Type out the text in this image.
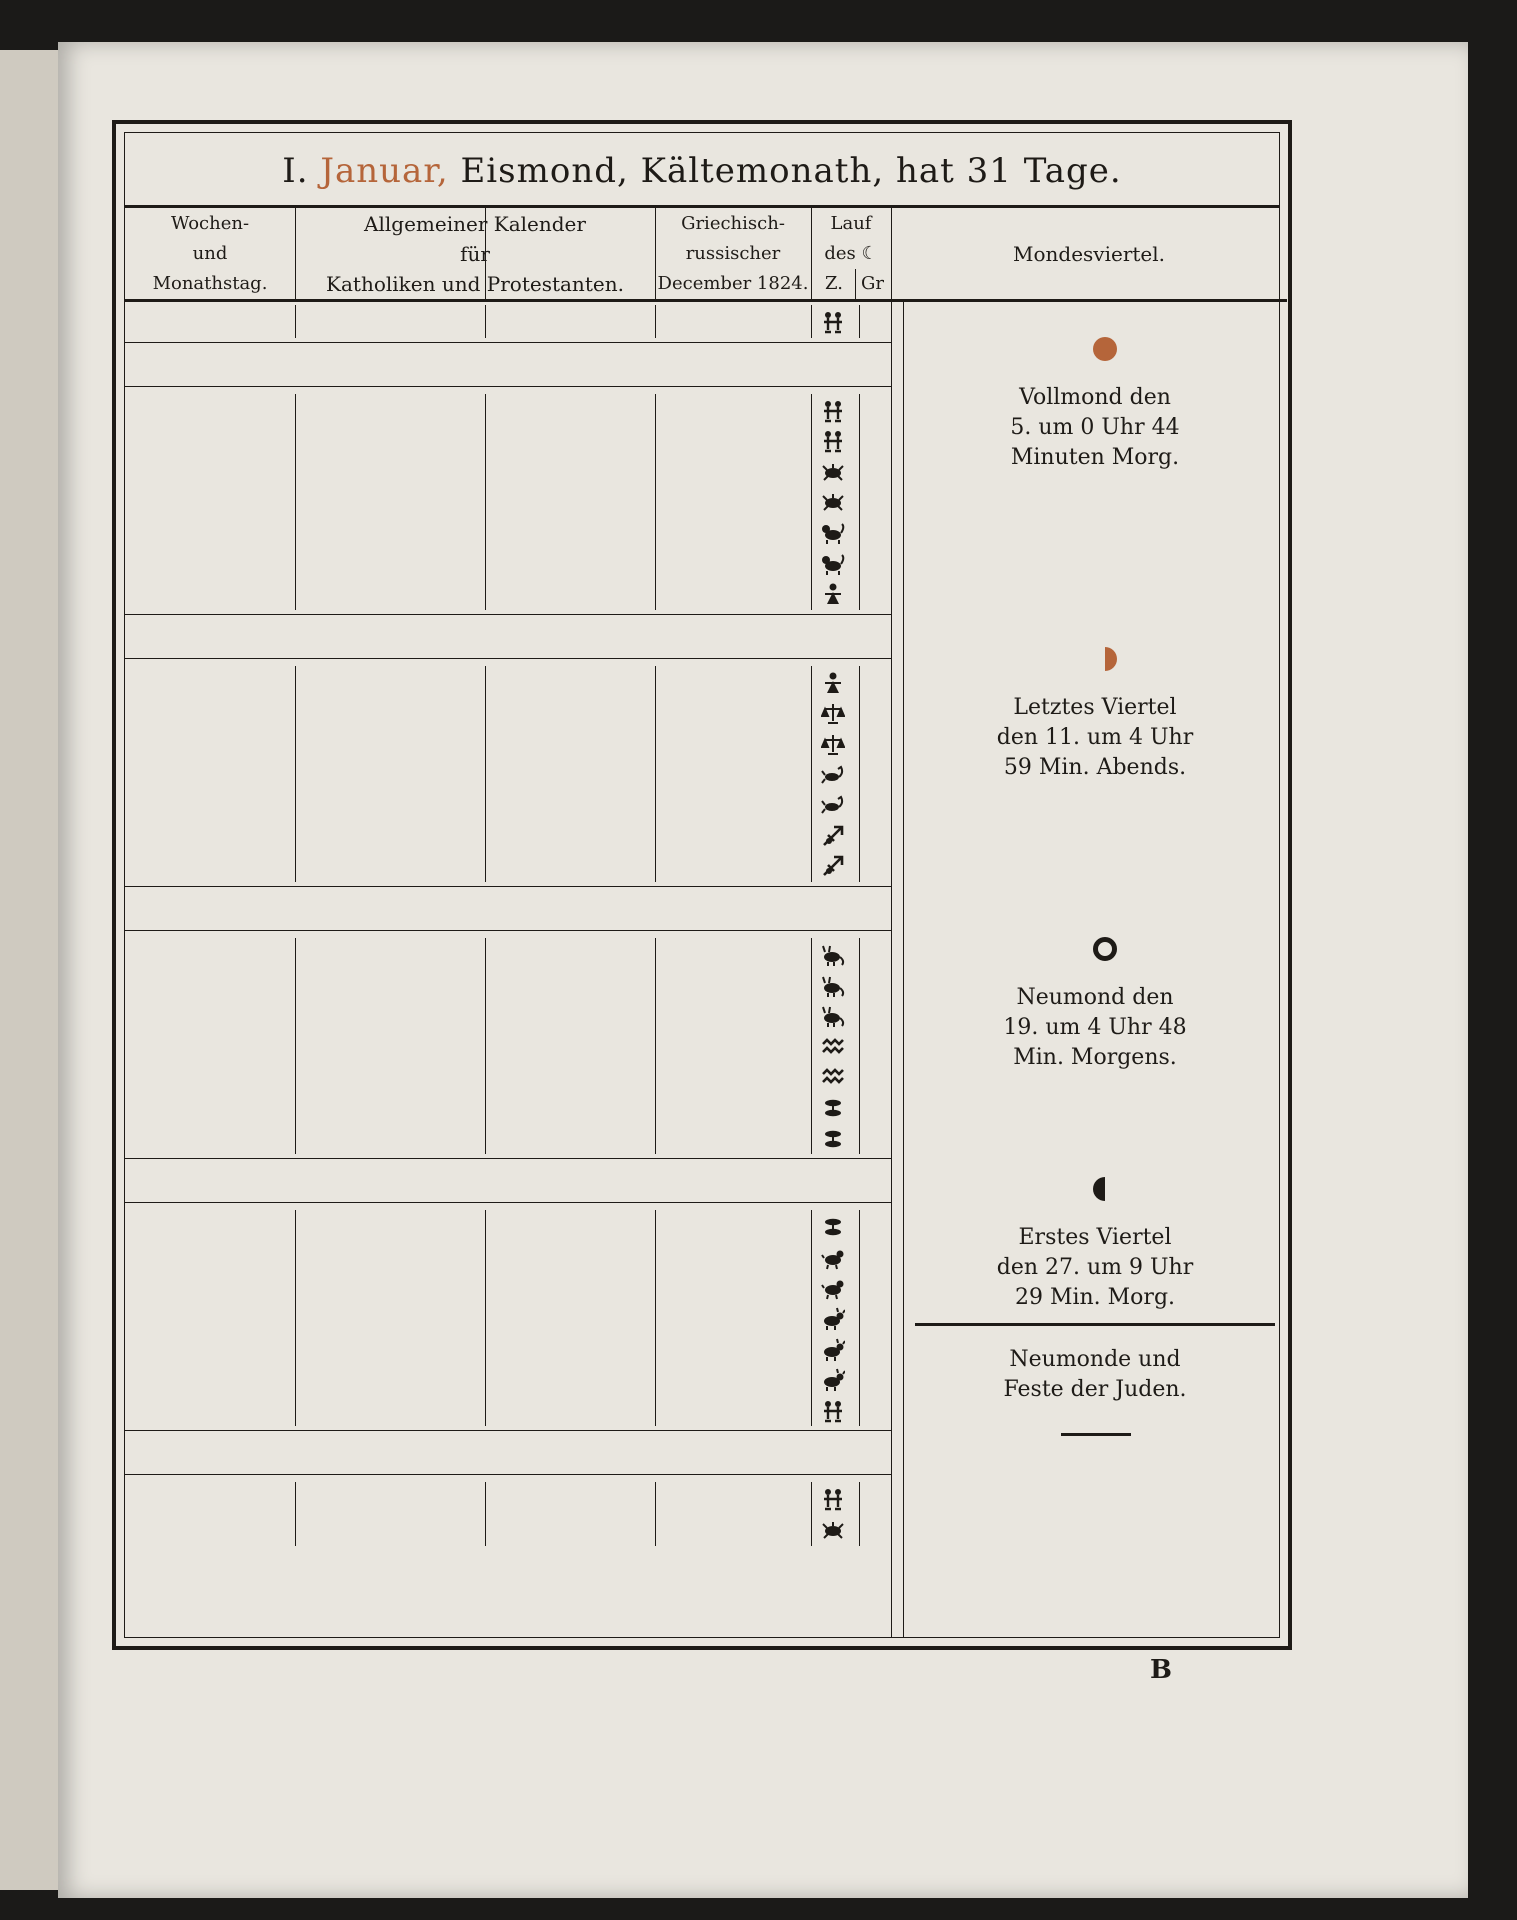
I. Januar, Eismond, Kältemonath, hat 31 Tage.
Wochen-
und
Monathstag.
Allgemeiner Kalender
für
Katholiken und Protestanten.
Griechisch-
russischer
December 1824.
Lauf
des ☾
Z. Gr
Mondesviertel.
Vollmond den
5. um 0 Uhr 44
Minuten Morg.
Letztes Viertel
den 11. um 4 Uhr
59 Min. Abends.
Neumond den
19. um 4 Uhr 48
Min. Morgens.
Erstes Viertel
den 27. um 9 Uhr
29 Min. Morg.
Neumonde und
Feste der Juden.
B
